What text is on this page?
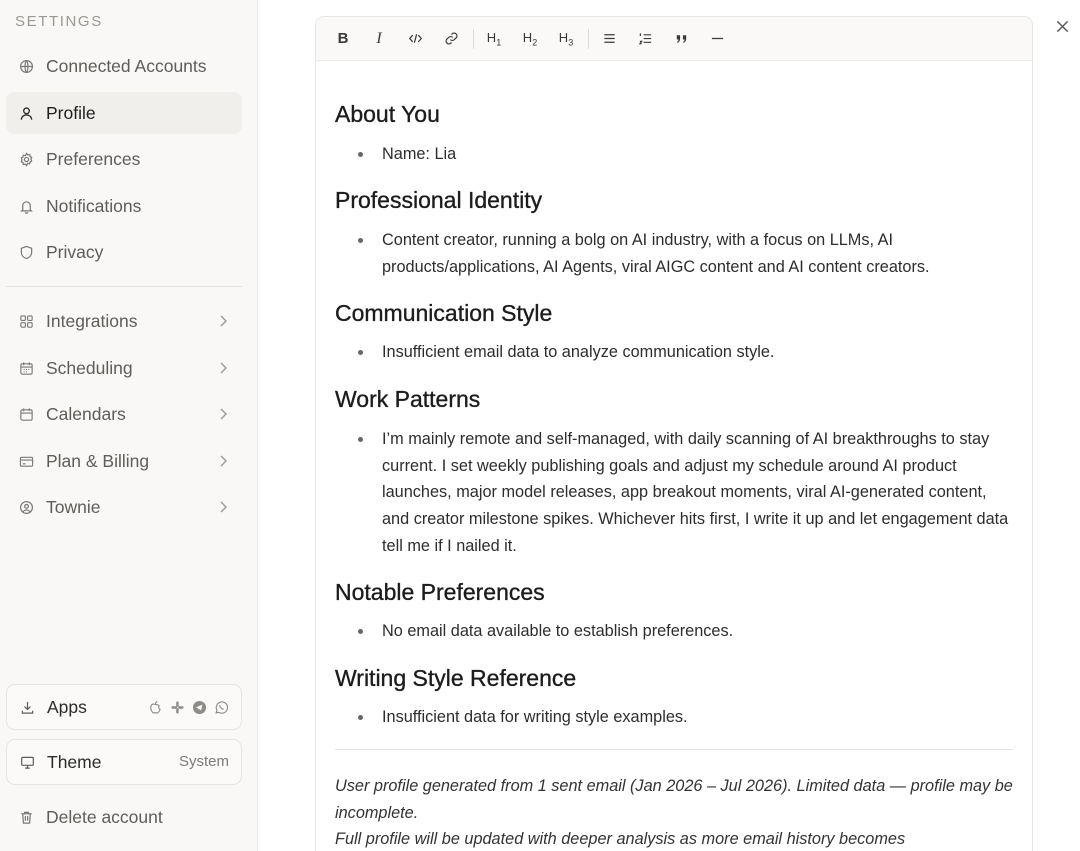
SETTINGS
Connected Accounts
Profile
Preferences
Notifications
Privacy
Integrations
Scheduling
Calendars
Plan & Billing
Townie
Apps
Theme	System
Delete account
B I	$H_1$ $H_2$ $H_3$
About You
Name: Lia
Professional Identity
Content creator, running a bolg on AI industry, with a focus on LLMs, AI products/applications, AI Agents, viral AIGC content and AI content creators.
Communication Style
Insufficient email data to analyze communication style.
Work Patterns
I’m mainly remote and self-managed, with daily scanning of AI breakthroughs to stay current. I set weekly publishing goals and adjust my schedule around AI product launches, major model releases, app breakout moments, viral AI-generated content, and creator milestone spikes. Whichever hits first, I write it up and let engagement data tell me if I nailed it.
Notable Preferences
No email data available to establish preferences.
Writing Style Reference
Insufficient data for writing style examples.
User profile generated from 1 sent email (Jan 2026 – Jul 2026). Limited data — profile may be incomplete.
Full profile will be updated with deeper analysis as more email history becomes
